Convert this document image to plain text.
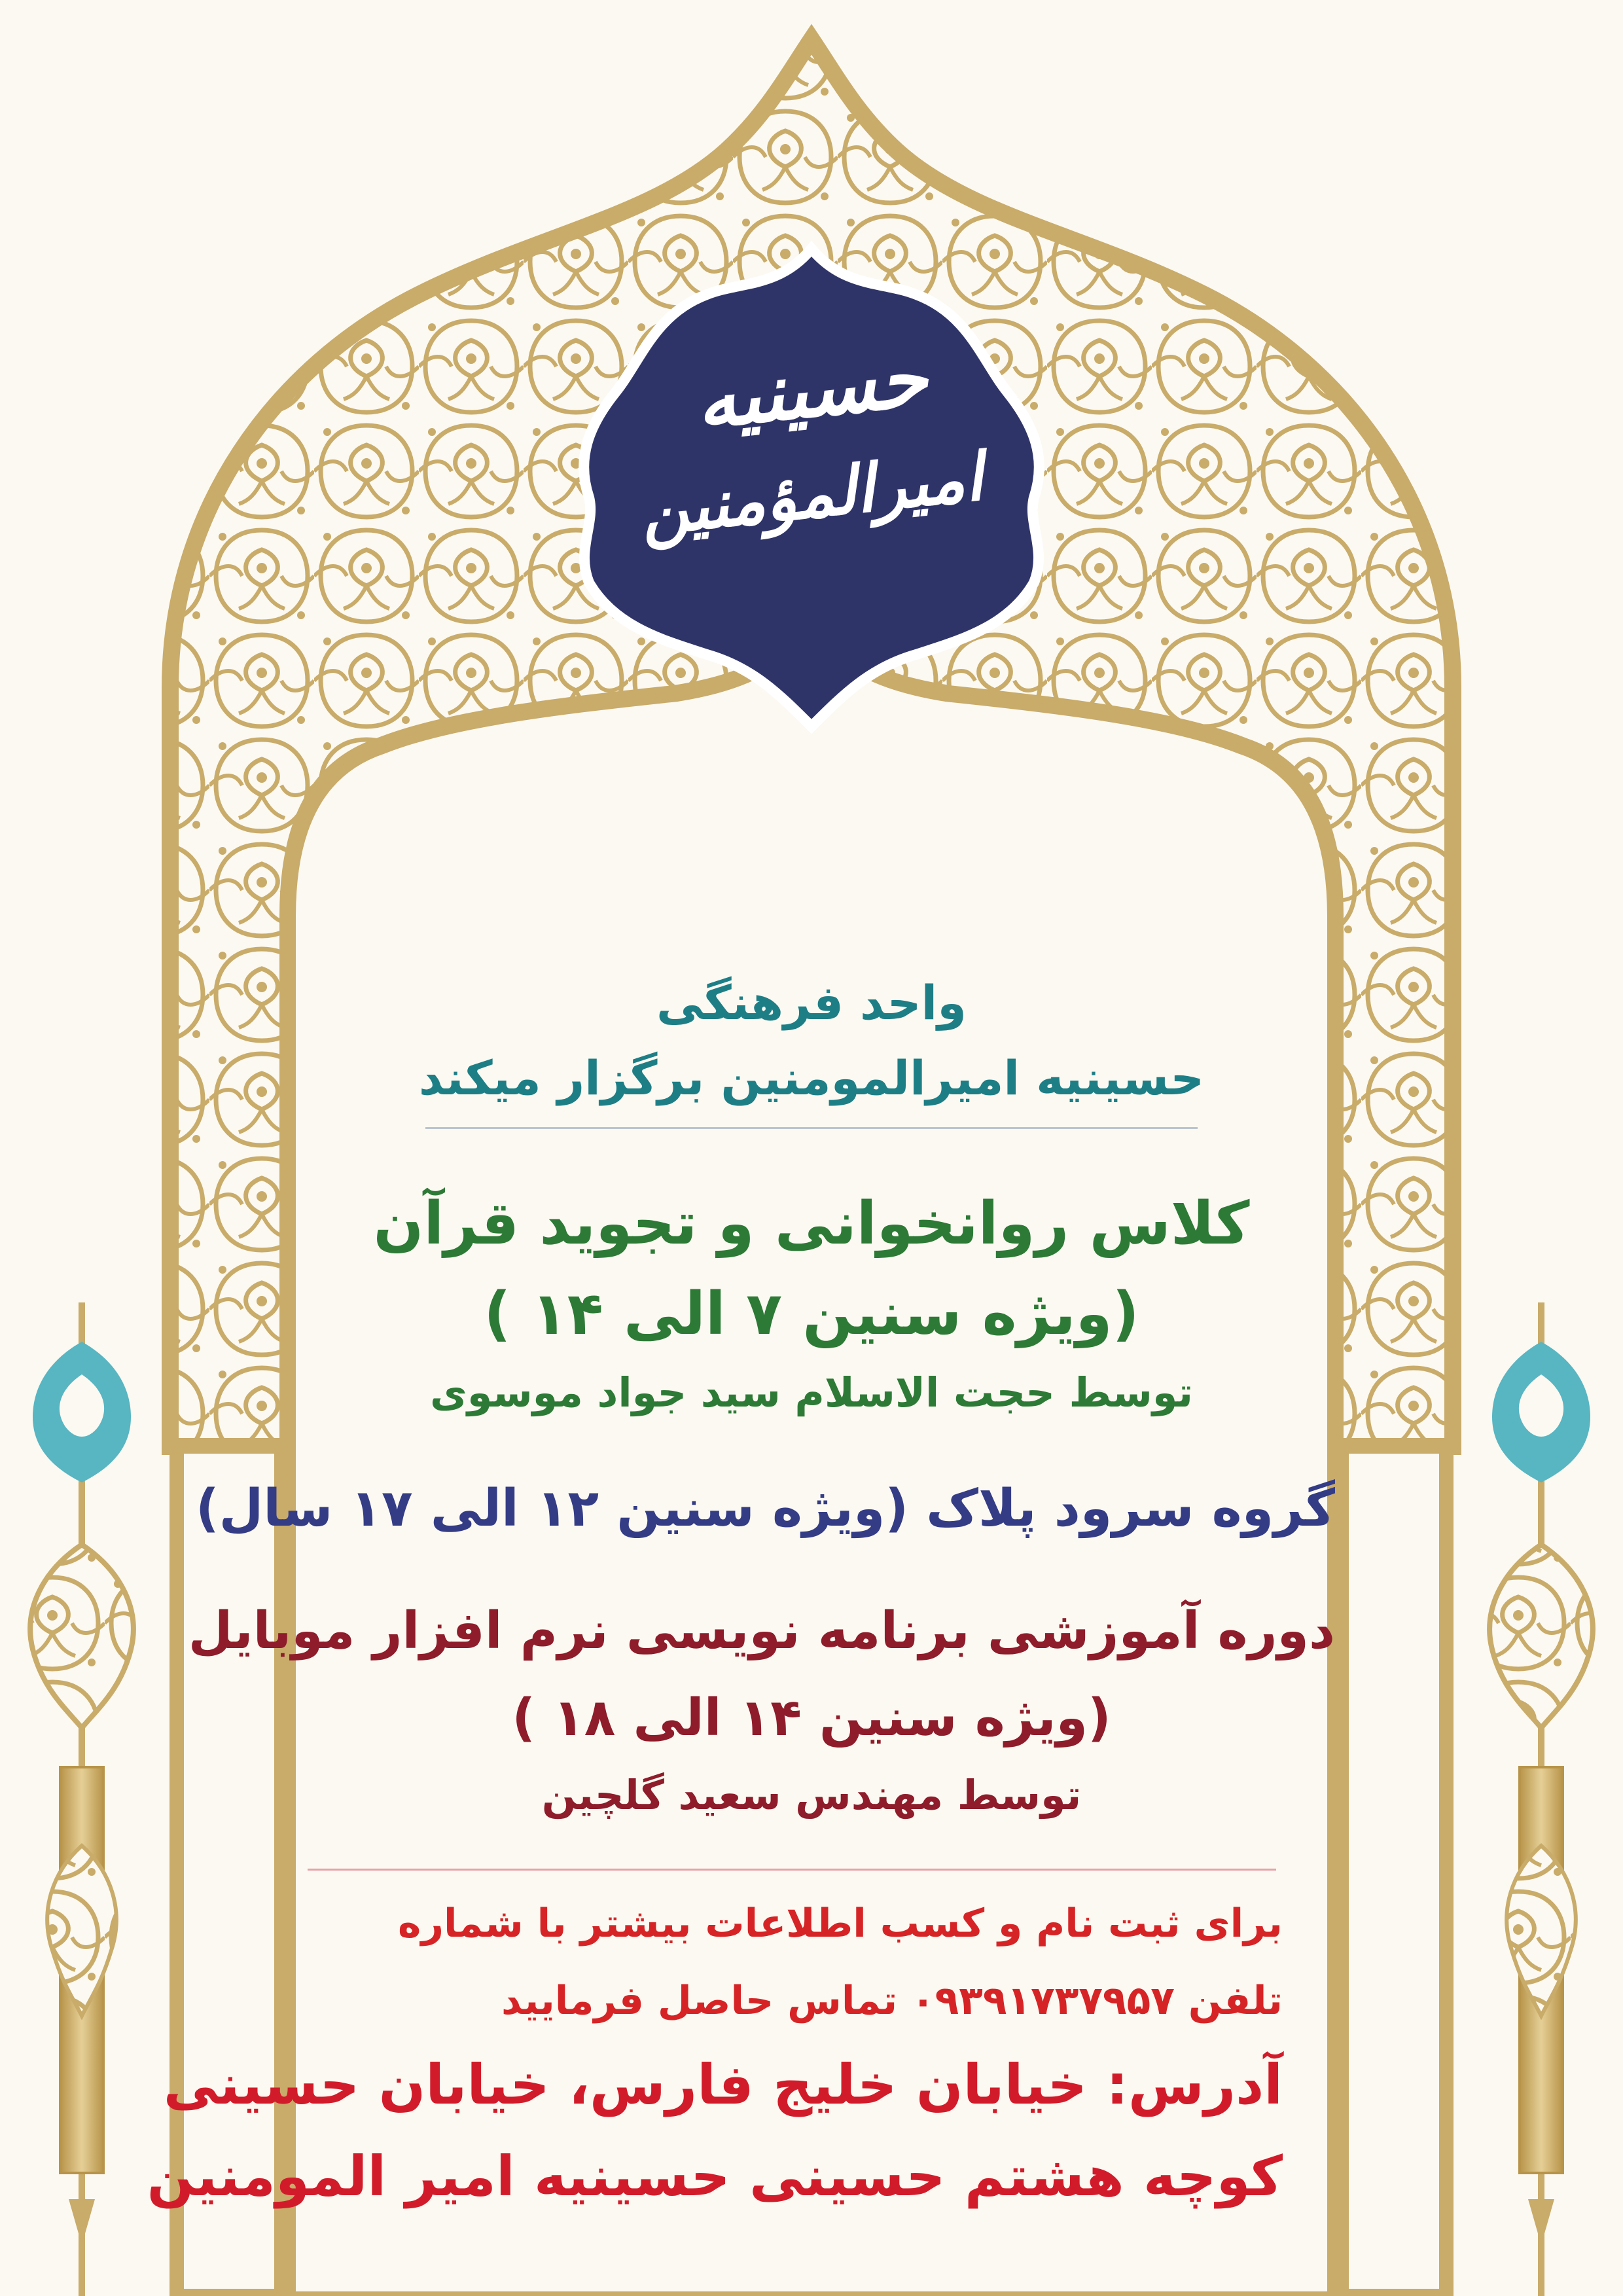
حسینیه
امیرالمؤمنین
واحد فرهنگی
حسینیه امیرالمومنین برگزار میکند
کلاس روانخوانی و تجوید قرآن
(ویژه سنین ۷ الی ۱۴ )
توسط حجت الاسلام سید جواد موسوی
گروه سرود پلاک (ویژه سنین ۱۲ الی ۱۷ سال)
دوره آموزشی برنامه نویسی نرم افزار موبایل
(ویژه سنین ۱۴ الی ۱۸ )
توسط مهندس سعید گلچین
برای ثبت نام و کسب اطلاعات بیشتر با شماره
تلفن ۰۹۳۹۱۷۳۷۹۵۷ تماس حاصل فرمایید
آدرس: خیابان خلیج فارس، خیابان حسینی
کوچه هشتم حسینی حسینیه امیر المومنین
